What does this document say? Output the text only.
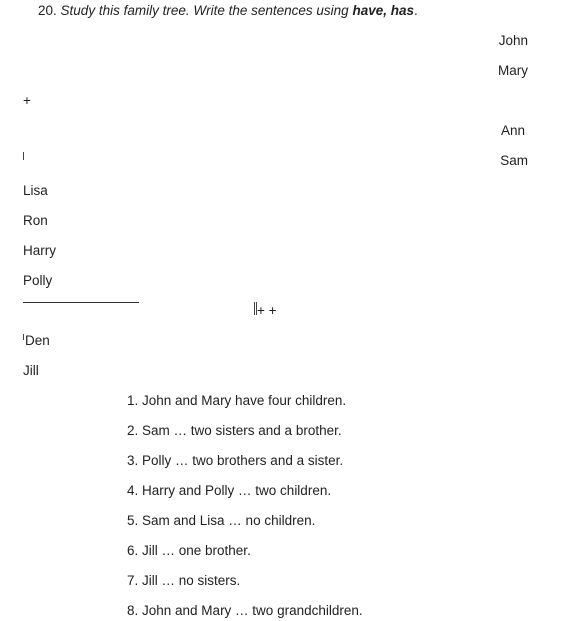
20. Study this family tree. Write the sentences using have, has.
John
Mary
Ann
Sam
+
Lisa
Ron
Harry
Polly
+ +
Den
Jill
1. John and Mary have four children.
2. Sam … two sisters and a brother.
3. Polly … two brothers and a sister.
4. Harry and Polly … two children.
5. Sam and Lisa … no children.
6. Jill … one brother.
7. Jill … no sisters.
8. John and Mary … two grandchildren.
